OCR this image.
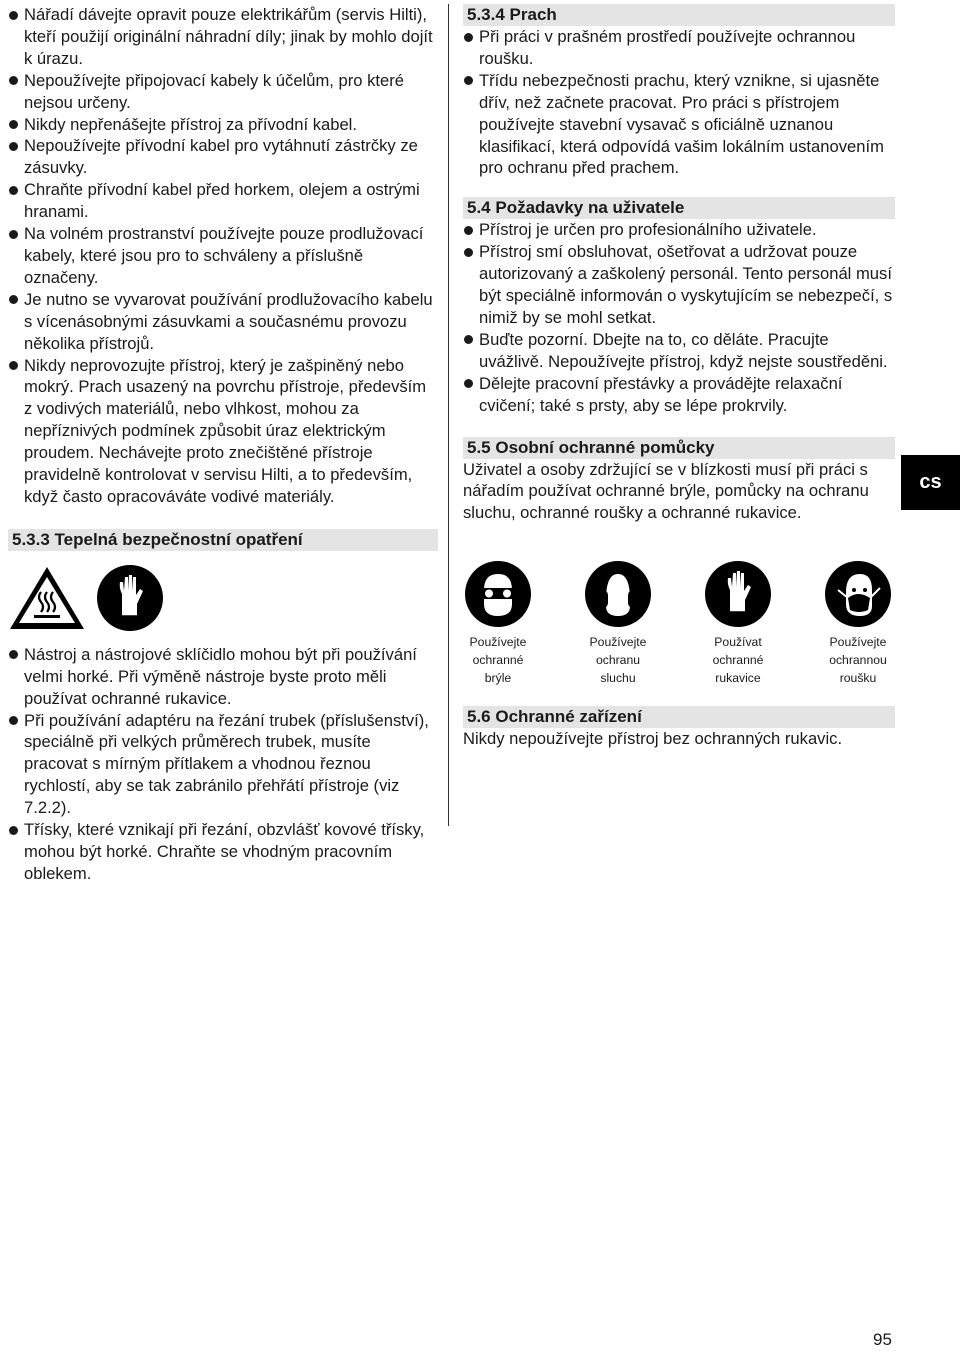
Nářadí dávejte opravit pouze elektrikářům (servis Hilti), kteří použijí originální náhradní díly; jinak by mohlo dojít k úrazu.

Nepoužívejte připojovací kabely k účelům, pro které nejsou určeny.

Nikdy nepřenášejte přístroj za přívodní kabel.

Nepoužívejte přívodní kabel pro vytáhnutí zástrčky ze zásuvky.

Chraňte přívodní kabel před horkem, olejem a ostrými hranami.

Na volném prostranství používejte pouze prodlužovací kabely, které jsou pro to schváleny a příslušně označeny.

Je nutno se vyvarovat používání prodlužovacího kabelu s vícenásobnými zásuvkami a současnému provozu několika přístrojů.

Nikdy neprovozujte přístroj, který je zašpiněný nebo mokrý. Prach usazený na povrchu přístroje, především z vodivých materiálů, nebo vlhkost, mohou za nepříznivých podmínek způsobit úraz elektrickým proudem. Nechávejte proto znečištěné přístroje pravidelně kontrolovat v servisu Hilti, a to především, když často opracováváte vodivé materiály.

5.3.3 Tepelná bezpečnostní opatření

Nástroj a nástrojové sklíčidlo mohou být při používání velmi horké. Při výměně nástroje byste proto měli používat ochranné rukavice.

Při používání adaptéru na řezání trubek (příslušenství), speciálně při velkých průměrech trubek, musíte pracovat s mírným přítlakem a vhodnou řeznou rychlostí, aby se tak zabránilo přehřátí přístroje (viz 7.2.2).

Třísky, které vznikají při řezání, obzvlášť kovové třísky, mohou být horké. Chraňte se vhodným pracovním oblekem.

5.3.4 Prach

Při práci v prašném prostředí používejte ochrannou roušku.

Třídu nebezpečnosti prachu, který vznikne, si ujasněte dřív, než začnete pracovat. Pro práci s přístrojem používejte stavební vysavač s oficiálně uznanou klasifikací, která odpovídá vašim lokálním ustanovením pro ochranu před prachem.

5.4 Požadavky na uživatele

Přístroj je určen pro profesionálního uživatele.

Přístroj smí obsluhovat, ošetřovat a udržovat pouze autorizovaný a zaškolený personál. Tento personál musí být speciálně informován o vyskytujícím se nebezpečí, s nimiž by se mohl setkat.

Buďte pozorní. Dbejte na to, co děláte. Pracujte uvážlivě. Nepoužívejte přístroj, když nejste soustředěni.

Dělejte pracovní přestávky a provádějte relaxační cvičení; také s prsty, aby se lépe prokrvily.

5.5 Osobní ochranné pomůcky

Uživatel a osoby zdržující se v blízkosti musí při práci s nářadím používat ochranné brýle, pomůcky na ochranu sluchu, ochranné roušky a ochranné rukavice.

Používejte
ochranné
brýle
Používejte
ochranu
sluchu
Používat
ochranné
rukavice
Používejte
ochrannou
roušku
5.6 Ochranné zařízení

Nikdy nepoužívejte přístroj bez ochranných rukavic.

cs
95
